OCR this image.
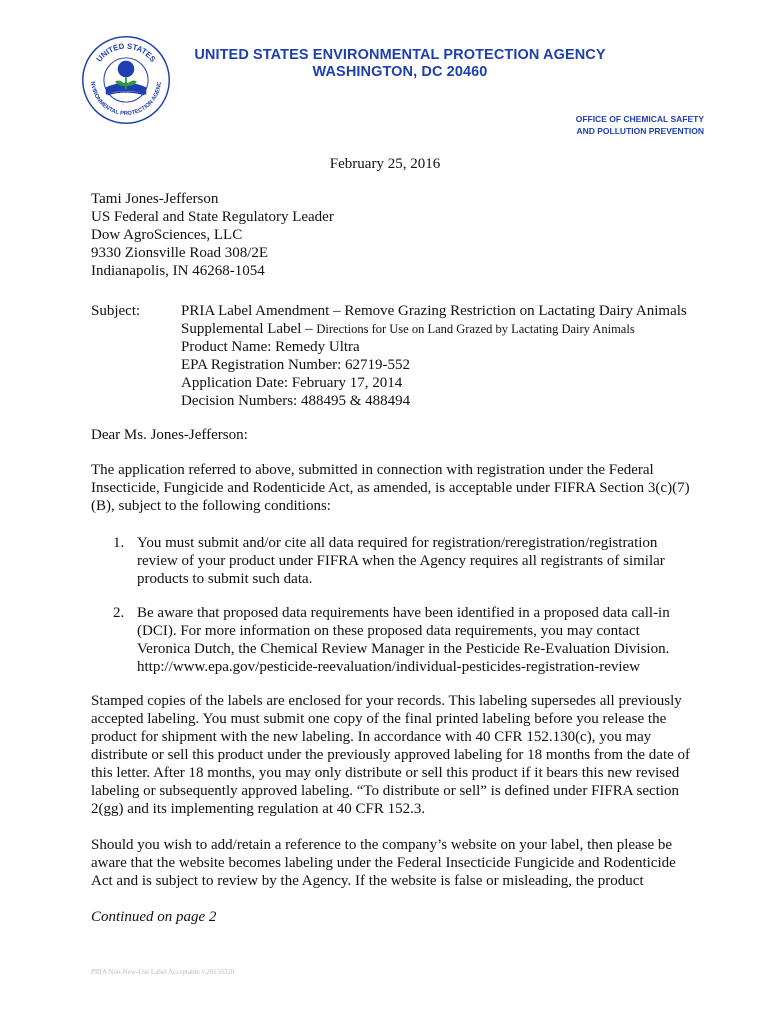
UNITED STATES
NVIRONMENTAL PROTECTION AGENC
UNITED STATES ENVIRONMENTAL PROTECTION AGENCY
WASHINGTON, DC 20460
OFFICE OF CHEMICAL SAFETY
AND POLLUTION PREVENTION
February 25, 2016
Tami Jones-Jefferson
US Federal and State Regulatory Leader
Dow AgroSciences, LLC
9330 Zionsville Road 308/2E
Indianapolis, IN 46268-1054
Subject:	PRIA Label Amendment – Remove Grazing Restriction on Lactating Dairy Animals
Supplemental Label – Directions for Use on Land Grazed by Lactating Dairy Animals
Product Name: Remedy Ultra
EPA Registration Number: 62719-552
Application Date: February 17, 2014
Decision Numbers: 488495 & 488494
Dear Ms. Jones-Jefferson:
The application referred to above, submitted in connection with registration under the Federal Insecticide, Fungicide and Rodenticide Act, as amended, is acceptable under FIFRA Section 3(c)(7)(B), subject to the following conditions:
1. You must submit and/or cite all data required for registration/reregistration/registration review of your product under FIFRA when the Agency requires all registrants of similar products to submit such data.
2. Be aware that proposed data requirements have been identified in a proposed data call-in (DCI). For more information on these proposed data requirements, you may contact Veronica Dutch, the Chemical Review Manager in the Pesticide Re-Evaluation Division.
http://www.epa.gov/pesticide-reevaluation/individual-pesticides-registration-review
Stamped copies of the labels are enclosed for your records. This labeling supersedes all previously accepted labeling. You must submit one copy of the final printed labeling before you release the product for shipment with the new labeling. In accordance with 40 CFR 152.130(c), you may distribute or sell this product under the previously approved labeling for 18 months from the date of this letter. After 18 months, you may only distribute or sell this product if it bears this new revised labeling or subsequently approved labeling. “To distribute or sell” is defined under FIFRA section 2(gg) and its implementing regulation at 40 CFR 152.3.
Should you wish to add/retain a reference to the company’s website on your label, then please be aware that the website becomes labeling under the Federal Insecticide Fungicide and Rodenticide Act and is subject to review by the Agency. If the website is false or misleading, the product
Continued on page 2
PRIA Non-New-Use Label Acceptable v.20150320
